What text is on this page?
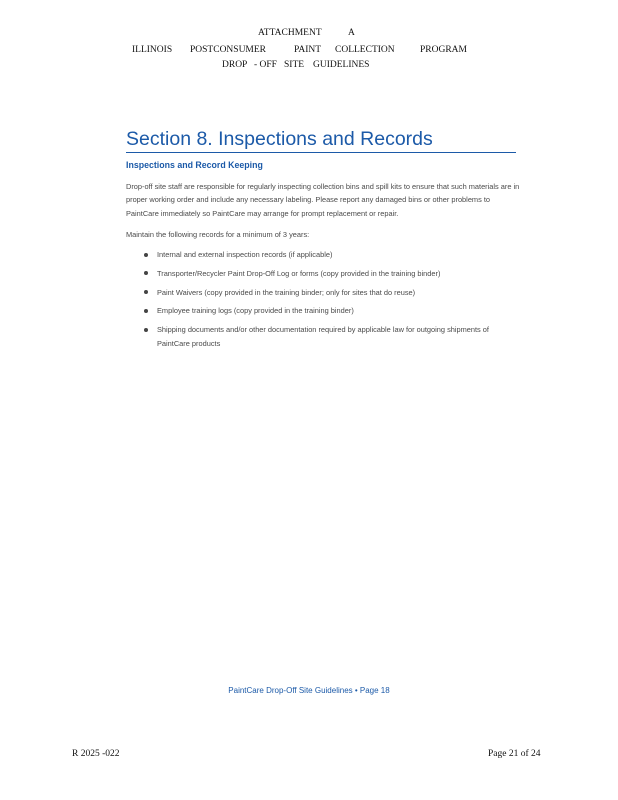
ATTACHMENT	A
ILLINOIS POSTCONSUMER	PAINT COLLECTION	PROGRAM
DROP - OFF SITE GUIDELINES
Section 8. Inspections and Records
Inspections and Record Keeping
Drop-off site staff are responsible for regularly inspecting collection bins and spill kits to ensure that such materials are in proper working order and include any necessary labeling. Please report any damaged bins or other problems to PaintCare immediately so PaintCare may arrange for prompt replacement or repair.
Maintain the following records for a minimum of 3 years:
Internal and external inspection records (if applicable)
Transporter/Recycler Paint Drop-Off Log or forms (copy provided in the training binder)
Paint Waivers (copy provided in the training binder; only for sites that do reuse)
Employee training logs (copy provided in the training binder)
Shipping documents and/or other documentation required by applicable law for outgoing shipments of PaintCare products
PaintCare Drop-Off Site Guidelines • Page 18
R 2025 -022	Page 21 of 24
